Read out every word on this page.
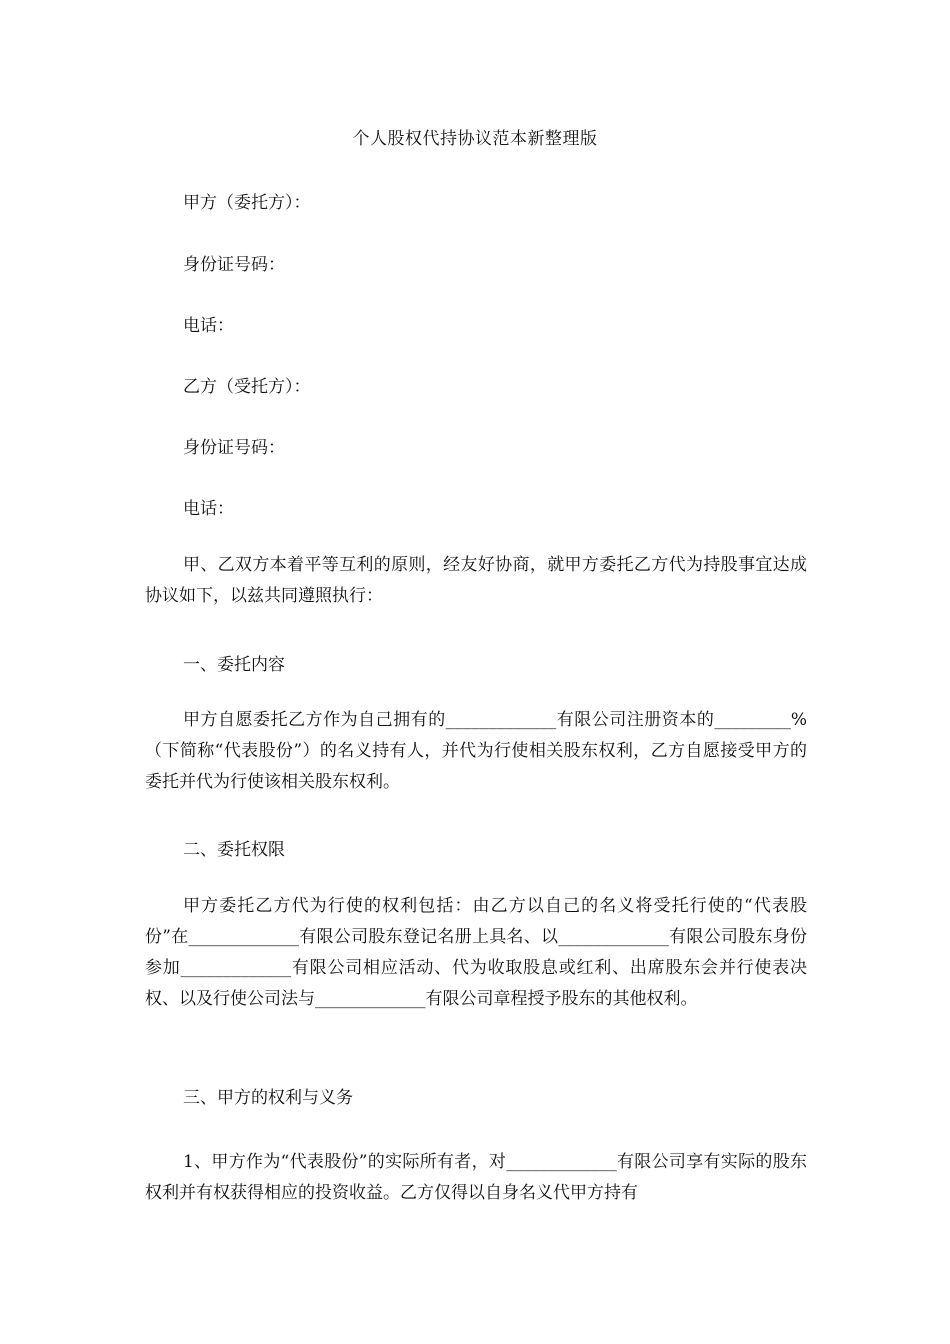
个人股权代持协议范本新整理版

甲方（委托方）：

身份证号码：

电话：

乙方（受托方）：

身份证号码：

电话：

甲、乙双方本着平等互利的原则，经友好协商，就甲方委托乙方代为持股事宜达成协议如下，以兹共同遵照执行：

一、委托内容

甲方自愿委托乙方作为自己拥有的_____________有限公司注册资本的_________%（下简称“代表股份”）的名义持有人，并代为行使相关股东权利，乙方自愿接受甲方的委托并代为行使该相关股东权利。

二、委托权限

甲方委托乙方代为行使的权利包括：由乙方以自己的名义将受托行使的“代表股份”在_____________有限公司股东登记名册上具名、以_____________有限公司股东身份参加_____________有限公司相应活动、代为收取股息或红利、出席股东会并行使表决权、以及行使公司法与_____________有限公司章程授予股东的其他权利。

三、甲方的权利与义务

1、甲方作为“代表股份”的实际所有者，对_____________有限公司享有实际的股东权利并有权获得相应的投资收益。乙方仅得以自身名义代甲方持有
